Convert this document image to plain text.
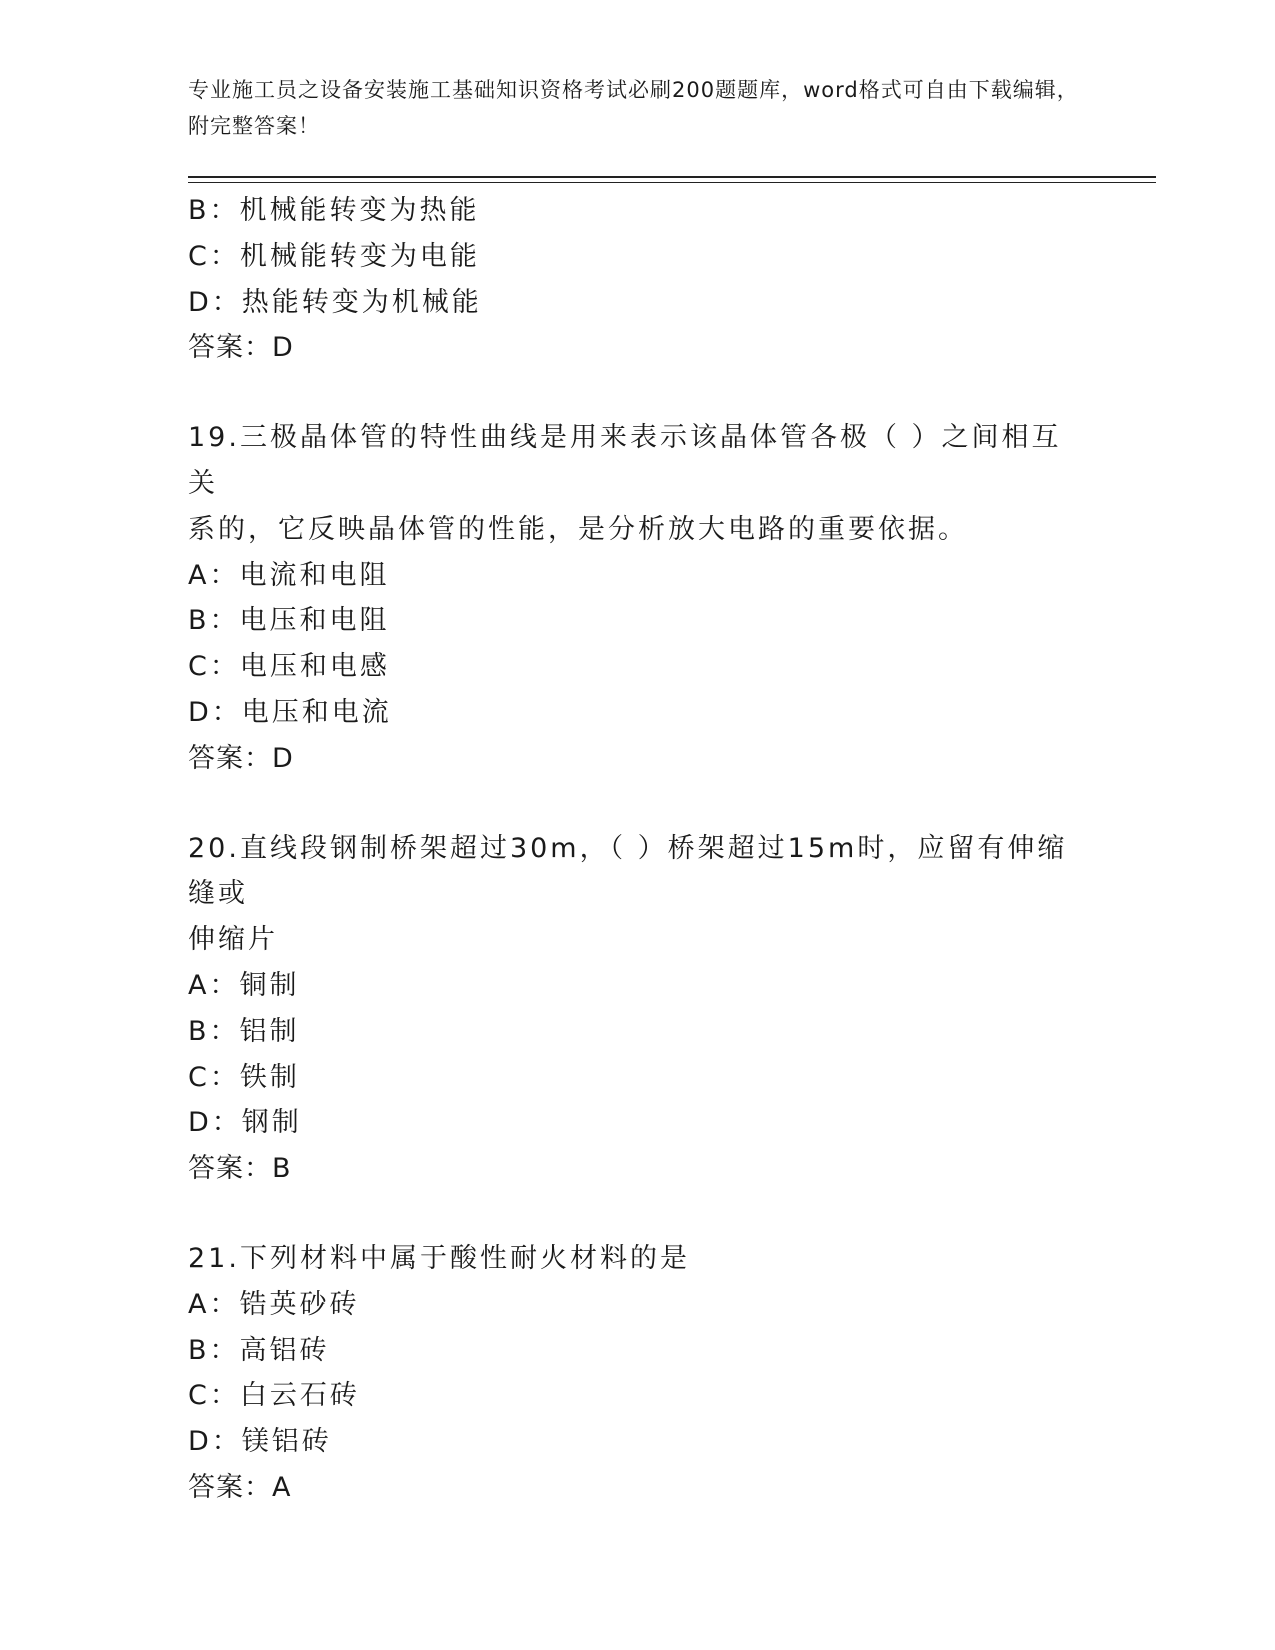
专业施工员之设备安装施工基础知识资格考试必刷200题题库，word格式可自由下载编辑，附完整答案！
B：机械能转变为热能
C：机械能转变为电能
D：热能转变为机械能
答案：D
19.三极晶体管的特性曲线是用来表示该晶体管各极（ ）之间相互关
系的，它反映晶体管的性能，是分析放大电路的重要依据。
A：电流和电阻
B：电压和电阻
C：电压和电感
D：电压和电流
答案：D
20.直线段钢制桥架超过30m，（ ）桥架超过15m时，应留有伸缩缝或
伸缩片
A：铜制
B：铝制
C：铁制
D：钢制
答案：B
21.下列材料中属于酸性耐火材料的是
A：锆英砂砖
B：高铝砖
C：白云石砖
D：镁铝砖
答案：A
